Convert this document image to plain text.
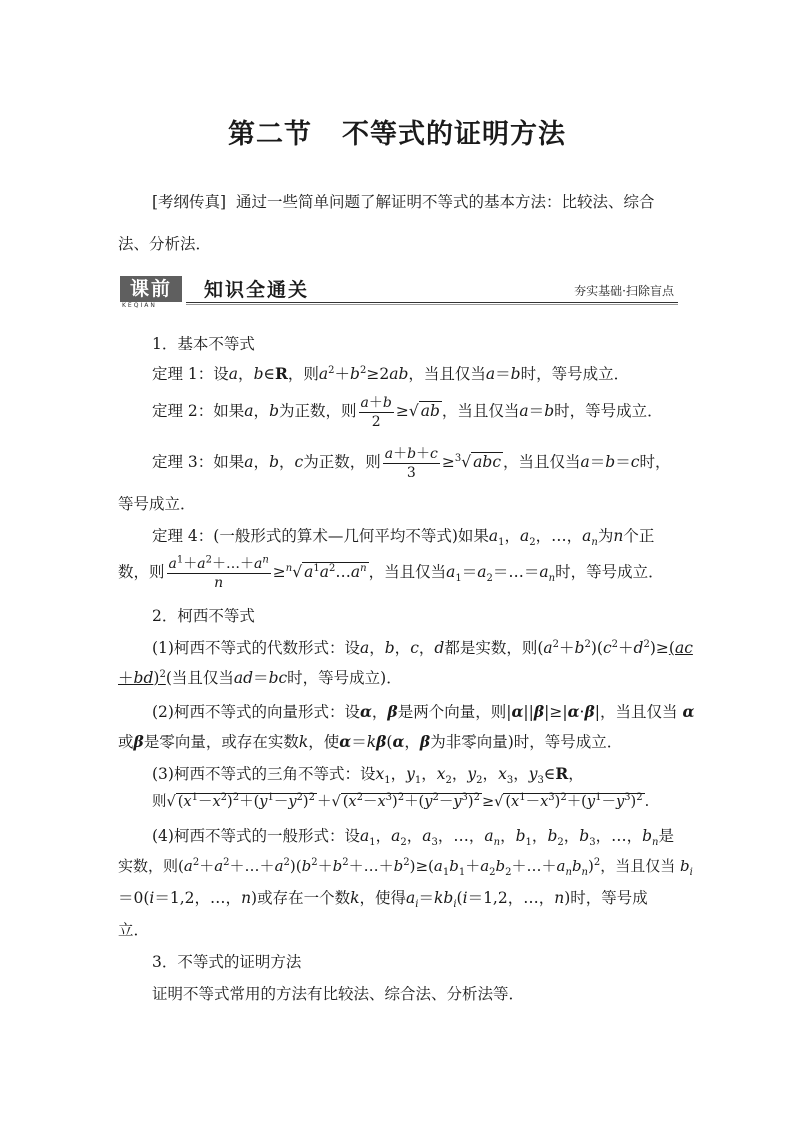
第二节 不等式的证明方法
[考纲传真] 通过一些简单问题了解证明不等式的基本方法：比较法、综合
法、分析法．
课前
KEQIAN
知识全通关	夯实基础·扫除盲点
1．基本不等式
定理 1：设a，b∈R，则$a^2+b^2\ge 2ab$，当且仅当a＝b时，等号成立．
定理 2：如果a，b为正数，则 $\frac{a+b}{2}$ ≥√ ab ，当且仅当a＝b时，等号成立．
定理 3：如果a，b，c为正数，则 $\frac{a+b+c}{3} \ge^3√$ abc ，当且仅当a＝b＝c时，
等号成立．
定理 4：(一般形式的算术—几何平均不等式)如果$a_1$，$a_2$，…，$a_n$为n个正
数，则 $\frac{a^1+a^2+\dots+a^n}{n} \ge^n√$ $a^1a^2\dots a^n$ ，当且仅当$a_1=a_2=\dots=a_n$时，等号成立．
2．柯西不等式
(1)柯西不等式的代数形式：设a，b，c，d都是实数，则$(a^2+b^2)(c^2+d^2)\ge(ac$
＋bd)$^2$(当且仅当ad＝bc时，等号成立)．
(2)柯西不等式的向量形式：设α，β是两个向量，则|α||β|≥|α·β|，当且仅当 α
或β是零向量，或存在实数k，使α＝kβ(α，β为非零向量)时，等号成立．
(3)柯西不等式的三角不等式：设$x_1$，$y_1$，$x_2$，$y_2$，$x_3$，$y_3\in R$，
则√ $(x^1-x^2)^2+(y^1-y^2)^2$ ＋√ $(x^2-x^3)^2+(y^2-y^3)^2$ ≥√ $(x^1-x^3)^2+(y^1-y^3)^2$ .
(4)柯西不等式的一般形式：设$a_1$，$a_2$，$a_3$，…，$a_n$，$b_1$，$b_2$，$b_3$，…，$b_n$是
实数，则$(a^2+a^2+\dots+a^2)(b^2+b^2+\dots+b^2)\ge(a_1b_1+a_2b_2+\dots+a_nb_n)^2$，当且仅当 $b_i$
＝0(i＝1,2，…，n)或存在一个数k，使得$a_i=kb_i(i=1,2$，…，n)时，等号成
立．
3．不等式的证明方法
证明不等式常用的方法有比较法、综合法、分析法等．
